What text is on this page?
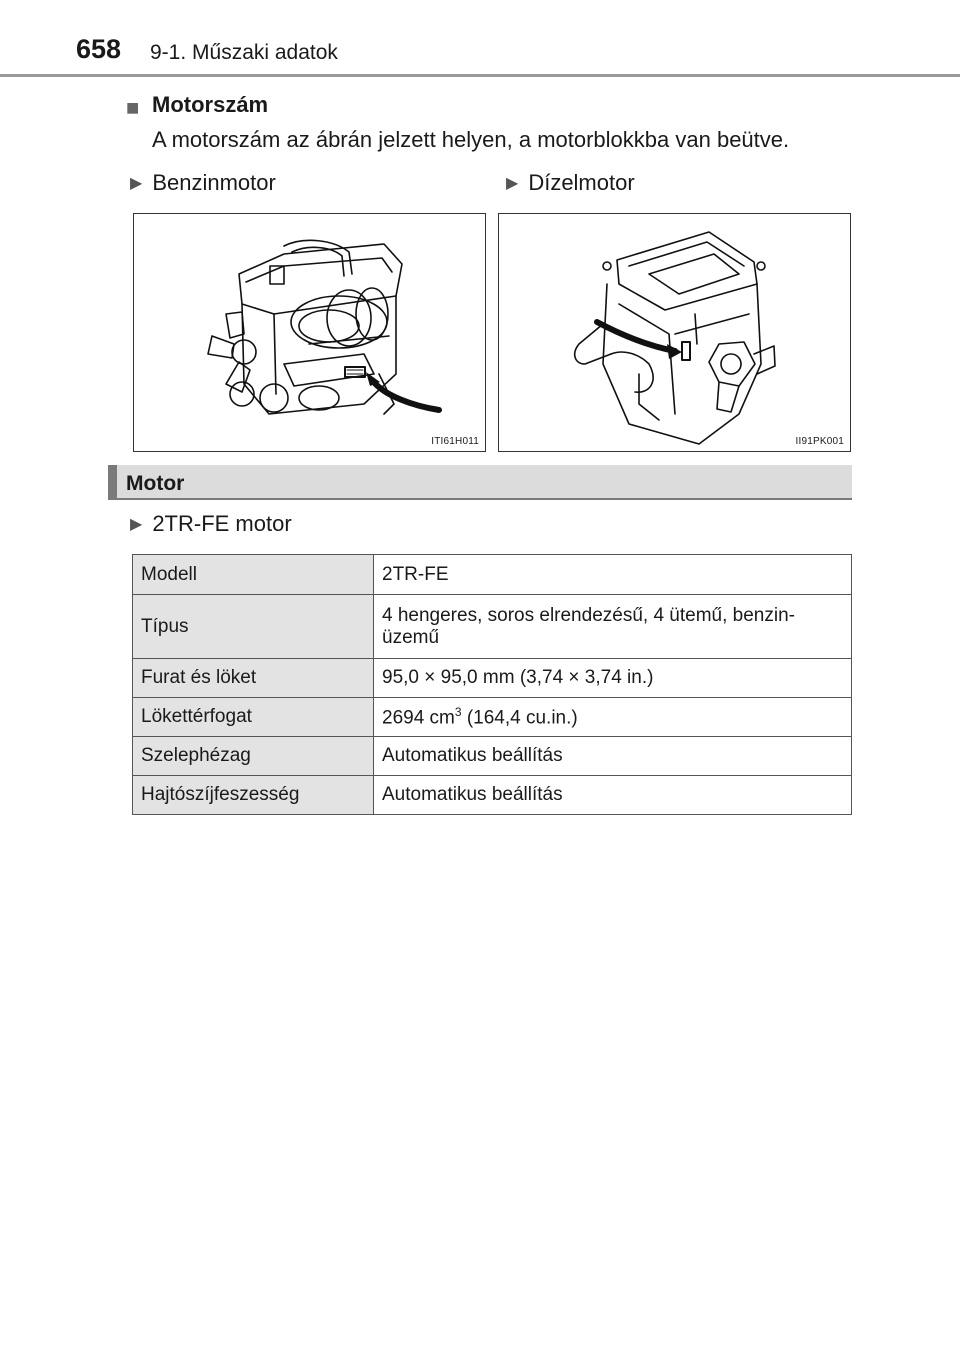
658 9-1. Műszaki adatok
■ Motorszám
A motorszám az ábrán jelzett helyen, a motorblokkba van beütve.
▶ Benzinmotor	▶ Dízelmotor
ITI61H011	II91PK001
Motor
▶ 2TR-FE motor
Modell	2TR-FE
Típus	4 hengeres, soros elrendezésű, 4 ütemű, benzin-üzemű
Furat és löket	95,0 × 95,0 mm (3,74 × 3,74 in.)
Lökettérfogat	2694 $cm^3$ (164,4 cu.in.)
Szelephézag	Automatikus beállítás
Hajtószíjfeszesség	Automatikus beállítás
